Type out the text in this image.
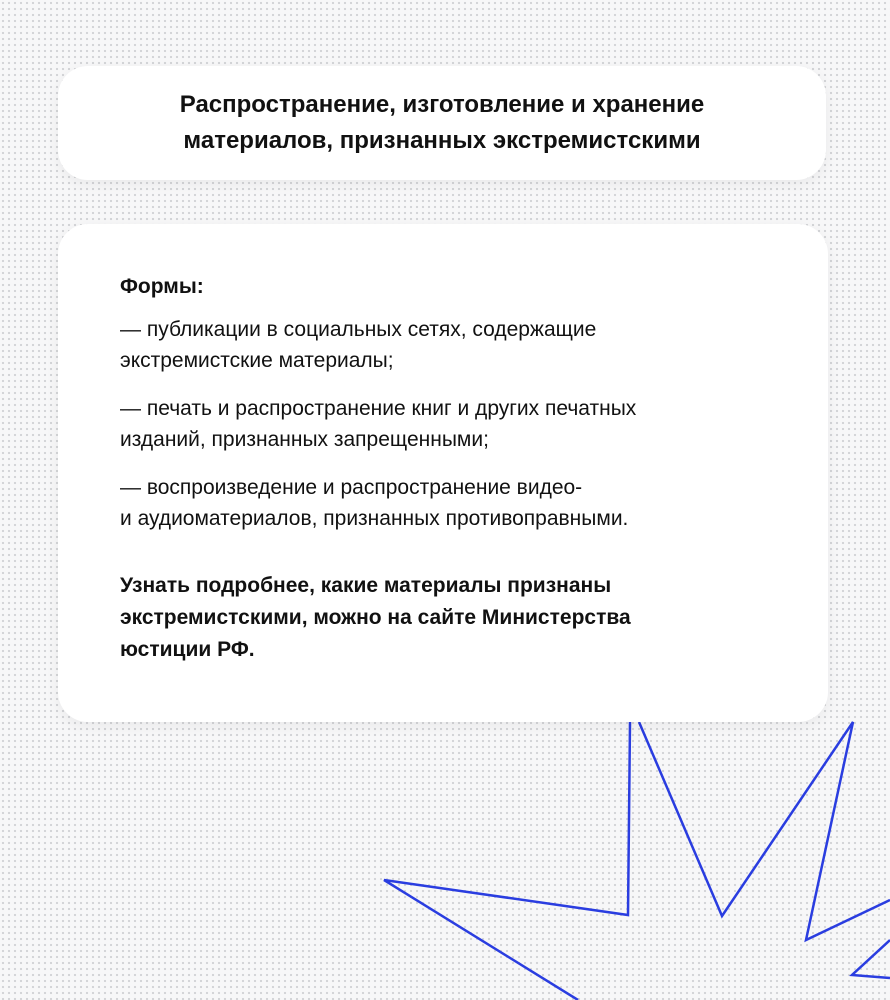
Распространение, изготовление и хранение
материалов, признанных экстремистскими

Формы:

— публикации в социальных сетях, содержащие
экстремистские материалы;

— печать и распространение книг и других печатных
изданий, признанных запрещенными;

— воспроизведение и распространение видео-
и аудиоматериалов, признанных противоправными.

Узнать подробнее, какие материалы признаны
экстремистскими, можно на сайте Министерства
юстиции РФ.
